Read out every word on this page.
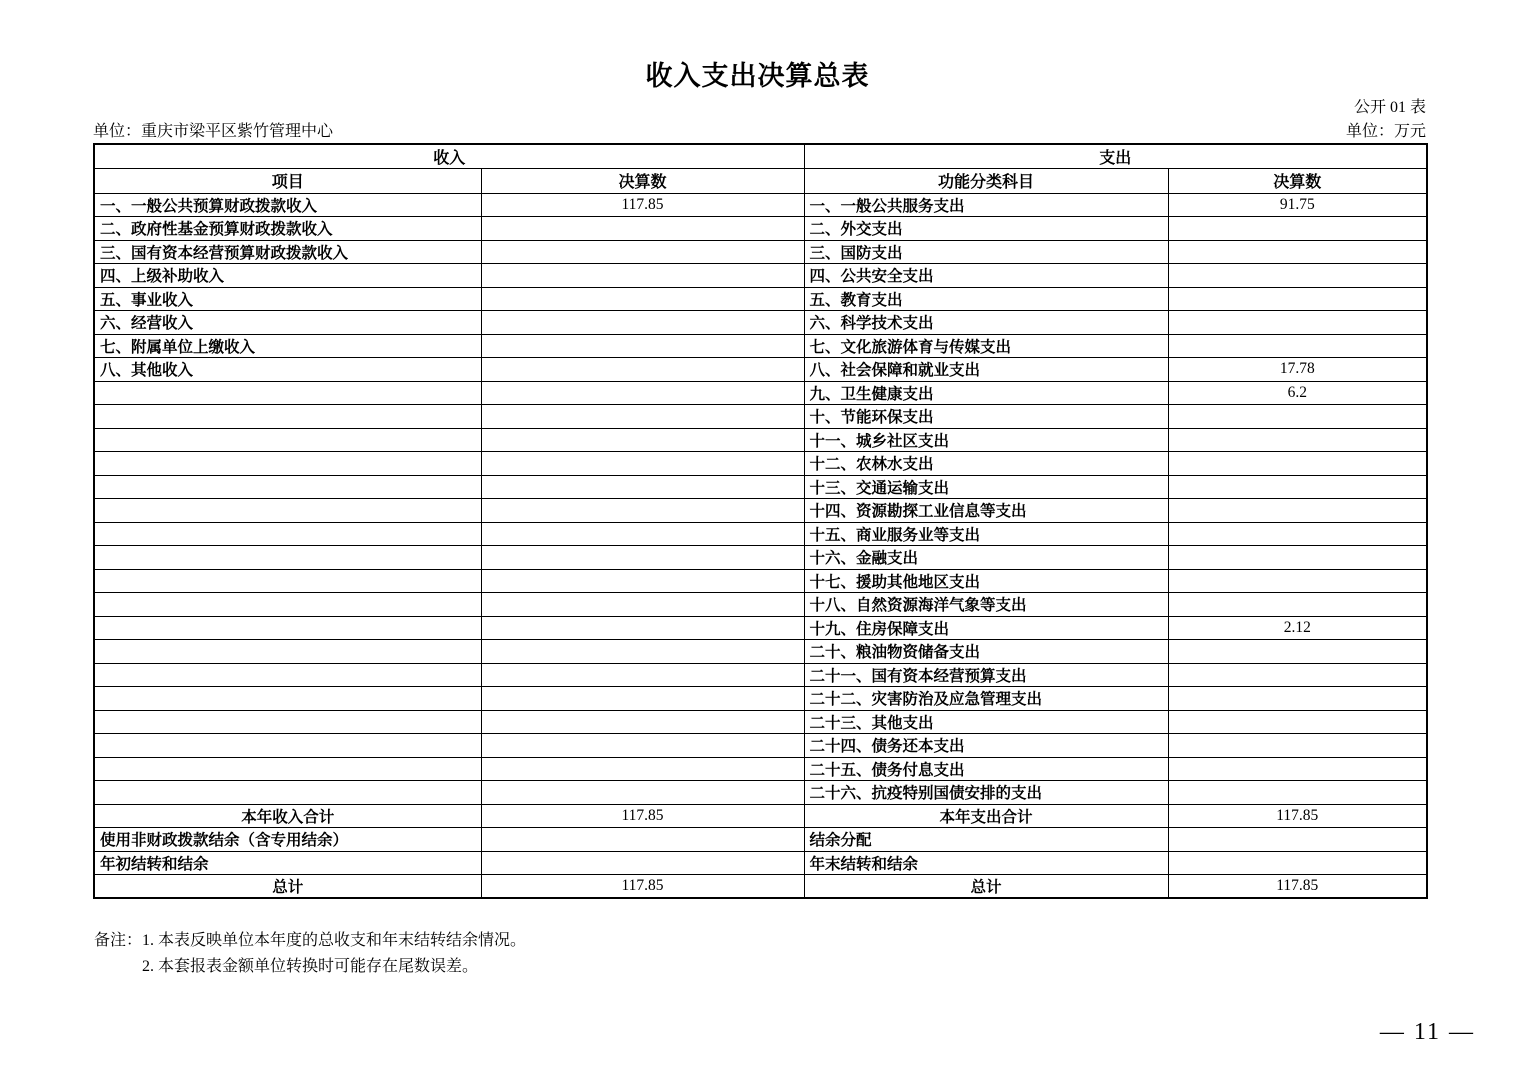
收入支出决算总表
公开 01 表
单位：重庆市梁平区紫竹管理中心	单位：万元
收入		支出	
项目	决算数	功能分类科目	决算数
一、一般公共预算财政拨款收入	117.85	一、一般公共服务支出	91.75
二、政府性基金预算财政拨款收入		二、外交支出	
三、国有资本经营预算财政拨款收入		三、国防支出	
四、上级补助收入		四、公共安全支出	
五、事业收入		五、教育支出	
六、经营收入		六、科学技术支出	
七、附属单位上缴收入		七、文化旅游体育与传媒支出	
八、其他收入		八、社会保障和就业支出	17.78
		九、卫生健康支出	6.2
		十、节能环保支出	
		十一、城乡社区支出	
		十二、农林水支出	
		十三、交通运输支出	
		十四、资源勘探工业信息等支出	
		十五、商业服务业等支出	
		十六、金融支出	
		十七、援助其他地区支出	
		十八、自然资源海洋气象等支出	
		十九、住房保障支出	2.12
		二十、粮油物资储备支出	
		二十一、国有资本经营预算支出	
		二十二、灾害防治及应急管理支出	
		二十三、其他支出	
		二十四、债务还本支出	
		二十五、债务付息支出	
		二十六、抗疫特别国债安排的支出	
本年收入合计	117.85	本年支出合计	117.85
使用非财政拨款结余（含专用结余）		结余分配	
年初结转和结余		年末结转和结余	
总计	117.85	总计	117.85
备注：1. 本表反映单位本年度的总收支和年末结转结余情况。
2. 本套报表金额单位转换时可能存在尾数误差。
— 11 —
